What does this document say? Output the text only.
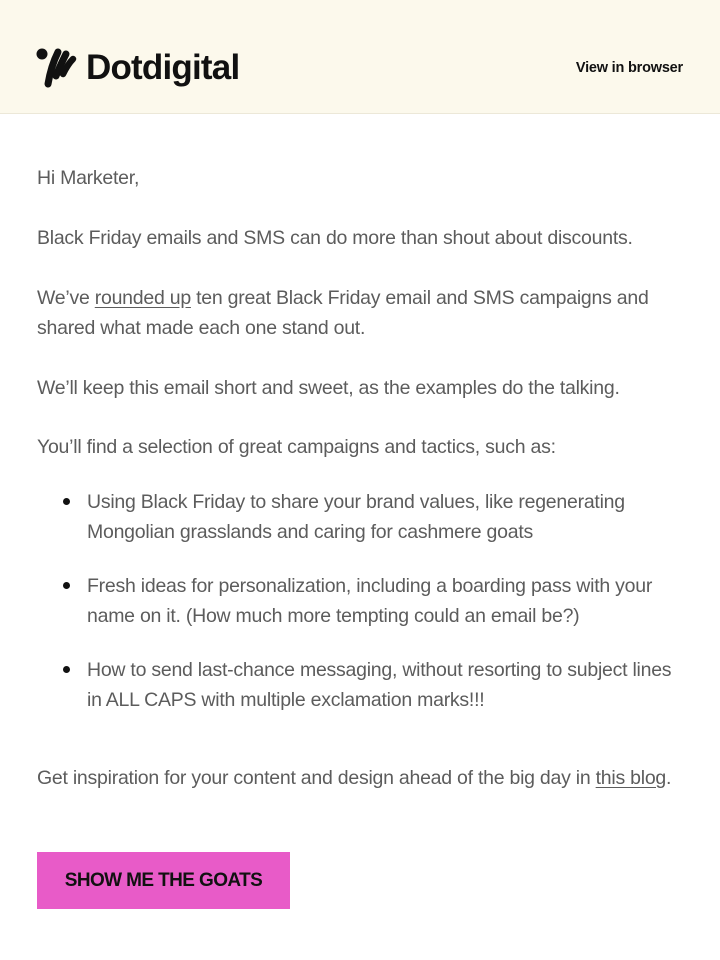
Dotdigital	View in browser

Hi Marketer,

Black Friday emails and SMS can do more than shout about discounts.

We’ve rounded up ten great Black Friday email and SMS campaigns and shared what made each one stand out.

We’ll keep this email short and sweet, as the examples do the talking.

You’ll find a selection of great campaigns and tactics, such as:

Using Black Friday to share your brand values, like regenerating Mongolian grasslands and caring for cashmere goats
Fresh ideas for personalization, including a boarding pass with your name on it. (How much more tempting could an email be?)
How to send last-chance messaging, without resorting to subject lines in ALL CAPS with multiple exclamation marks!!!

Get inspiration for your content and design ahead of the big day in this blog.

SHOW ME THE GOATS
